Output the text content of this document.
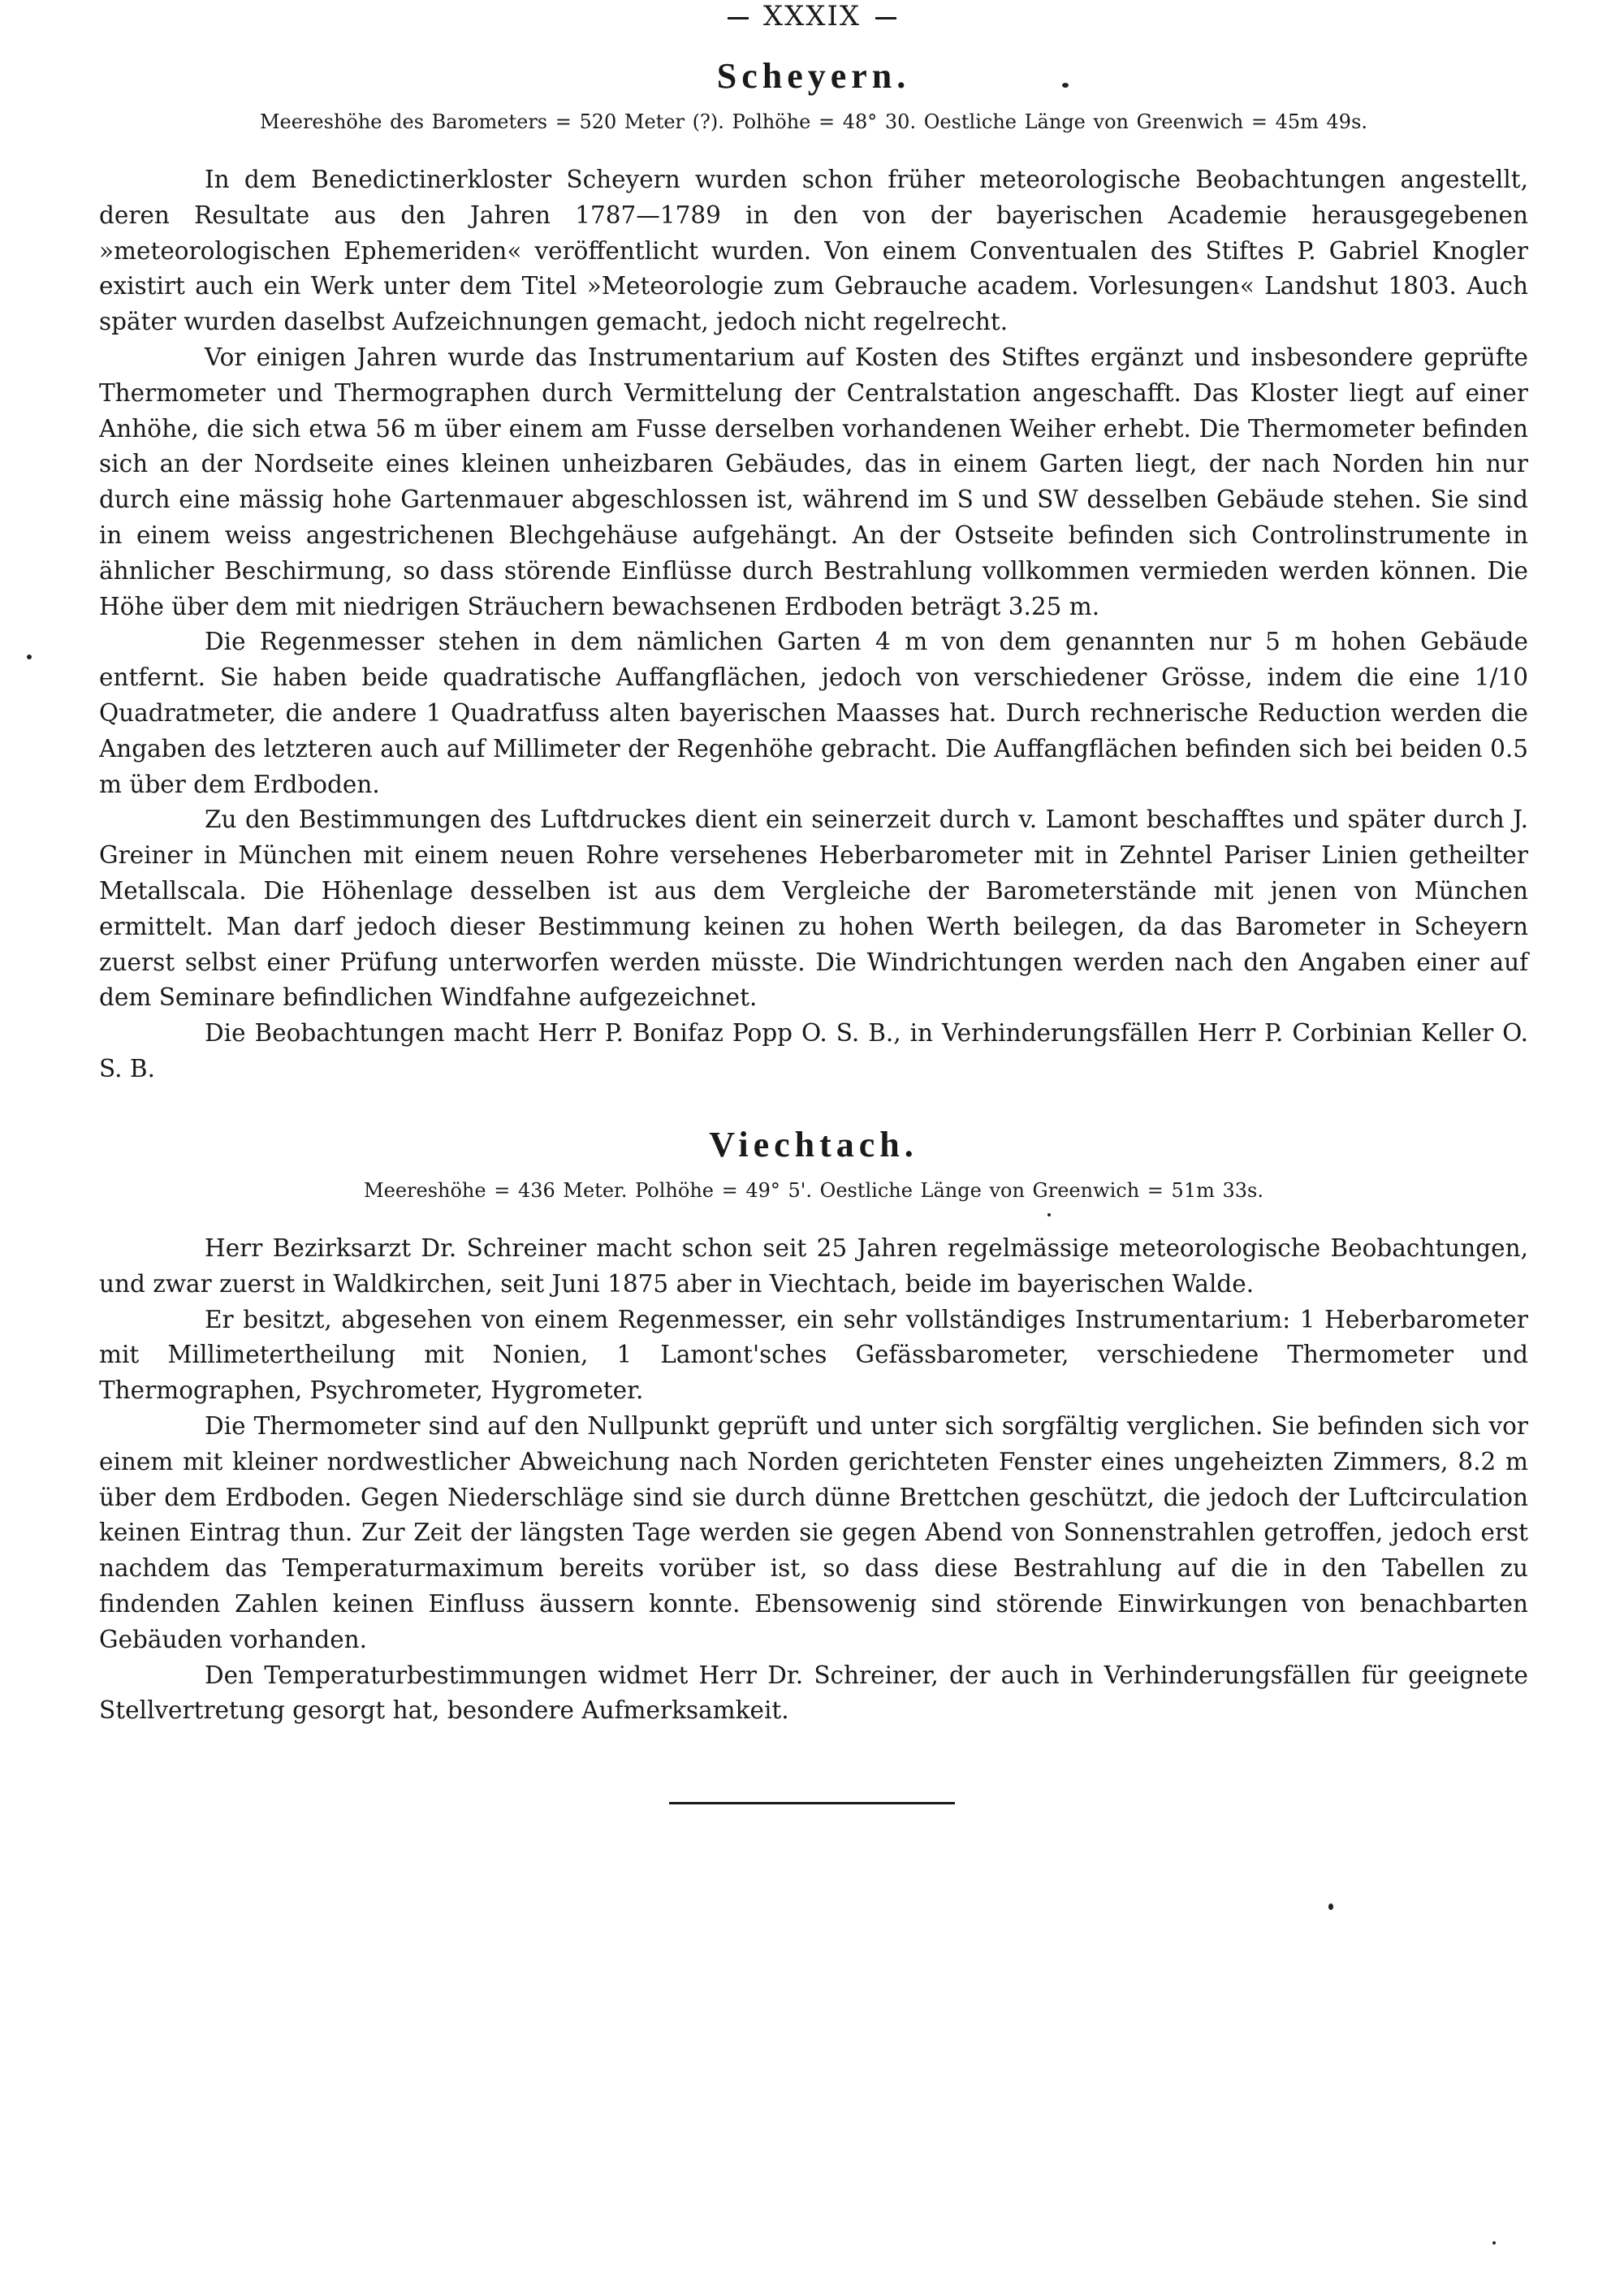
XXXIX
Scheyern.
Meereshöhe des Barometers = 520 Meter (?). Polhöhe = 48° 30. Oestliche Länge von Greenwich = 45m 49s.

In dem Benedictinerkloster Scheyern wurden schon früher meteorologische Beobachtungen angestellt, deren Resultate aus den Jahren 1787—1789 in den von der bayerischen Academie herausgegebenen »meteorologischen Ephemeriden« veröffentlicht wurden. Von einem Conventualen des Stiftes P. Gabriel Knogler existirt auch ein Werk unter dem Titel »Meteorologie zum Gebrauche academ. Vorlesungen« Landshut 1803. Auch später wurden daselbst Aufzeichnungen gemacht, jedoch nicht regelrecht.

Vor einigen Jahren wurde das Instrumentarium auf Kosten des Stiftes ergänzt und insbesondere geprüfte Thermometer und Thermographen durch Vermittelung der Centralstation angeschafft. Das Kloster liegt auf einer Anhöhe, die sich etwa 56 m über einem am Fusse derselben vorhandenen Weiher erhebt. Die Thermometer befinden sich an der Nordseite eines kleinen unheizbaren Gebäudes, das in einem Garten liegt, der nach Norden hin nur durch eine mässig hohe Gartenmauer abgeschlossen ist, während im S und SW desselben Gebäude stehen. Sie sind in einem weiss angestrichenen Blechgehäuse aufgehängt. An der Ostseite befinden sich Controlinstrumente in ähnlicher Beschirmung, so dass störende Einflüsse durch Bestrahlung vollkommen vermieden werden können. Die Höhe über dem mit niedrigen Sträuchern bewachsenen Erdboden beträgt 3.25 m.

Die Regenmesser stehen in dem nämlichen Garten 4 m von dem genannten nur 5 m hohen Gebäude entfernt. Sie haben beide quadratische Auffangflächen, jedoch von verschiedener Grösse, indem die eine 1/10 Quadratmeter, die andere 1 Quadratfuss alten bayerischen Maasses hat. Durch rechnerische Reduction werden die Angaben des letzteren auch auf Millimeter der Regenhöhe gebracht. Die Auffangflächen befinden sich bei beiden 0.5 m über dem Erdboden.

Zu den Bestimmungen des Luftdruckes dient ein seinerzeit durch v. Lamont beschafftes und später durch J. Greiner in München mit einem neuen Rohre versehenes Heberbarometer mit in Zehntel Pariser Linien getheilter Metallscala. Die Höhenlage desselben ist aus dem Vergleiche der Barometerstände mit jenen von München ermittelt. Man darf jedoch dieser Bestimmung keinen zu hohen Werth beilegen, da das Barometer in Scheyern zuerst selbst einer Prüfung unterworfen werden müsste. Die Windrichtungen werden nach den Angaben einer auf dem Seminare befindlichen Windfahne aufgezeichnet.

Die Beobachtungen macht Herr P. Bonifaz Popp O. S. B., in Verhinderungsfällen Herr P. Corbinian Keller O. S. B.

Viechtach.
Meereshöhe = 436 Meter. Polhöhe = 49° 5'. Oestliche Länge von Greenwich = 51m 33s.

Herr Bezirksarzt Dr. Schreiner macht schon seit 25 Jahren regelmässige meteorologische Beobachtungen, und zwar zuerst in Waldkirchen, seit Juni 1875 aber in Viechtach, beide im bayerischen Walde.

Er besitzt, abgesehen von einem Regenmesser, ein sehr vollständiges Instrumentarium: 1 Heberbarometer mit Millimetertheilung mit Nonien, 1 Lamont'sches Gefässbarometer, verschiedene Thermometer und Thermographen, Psychrometer, Hygrometer.

Die Thermometer sind auf den Nullpunkt geprüft und unter sich sorgfältig verglichen. Sie befinden sich vor einem mit kleiner nordwestlicher Abweichung nach Norden gerichteten Fenster eines ungeheizten Zimmers, 8.2 m über dem Erdboden. Gegen Niederschläge sind sie durch dünne Brettchen geschützt, die jedoch der Luftcirculation keinen Eintrag thun. Zur Zeit der längsten Tage werden sie gegen Abend von Sonnenstrahlen getroffen, jedoch erst nachdem das Temperaturmaximum bereits vorüber ist, so dass diese Bestrahlung auf die in den Tabellen zu findenden Zahlen keinen Einfluss äussern konnte. Ebensowenig sind störende Einwirkungen von benachbarten Gebäuden vorhanden.

Den Temperaturbestimmungen widmet Herr Dr. Schreiner, der auch in Verhinderungsfällen für geeignete Stellvertretung gesorgt hat, besondere Aufmerksamkeit.
